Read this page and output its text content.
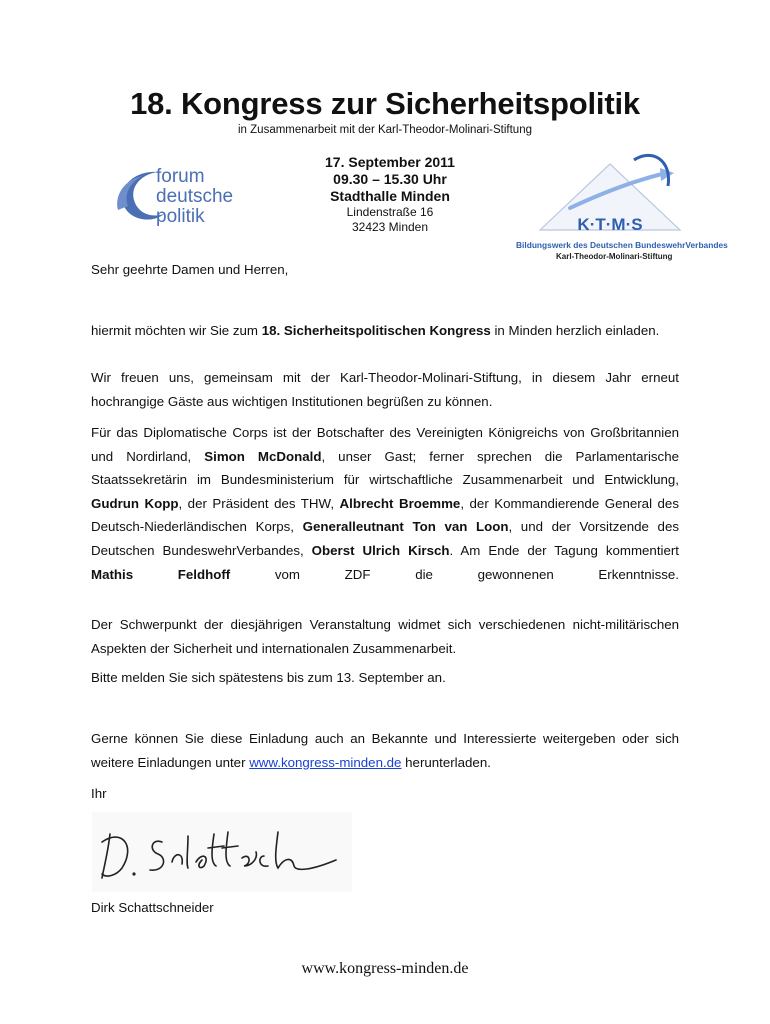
18. Kongress zur Sicherheitspolitik
in Zusammenarbeit mit der Karl-Theodor-Molinari-Stiftung
forum
deutsche
politik
17. September 2011
09.30 – 15.30 Uhr
Stadthalle Minden
Lindenstraße 16
32423 Minden	K·T·M·S
Bildungswerk des Deutschen BundeswehrVerbandes
Karl-Theodor-Molinari-Stiftung
Sehr geehrte Damen und Herren,
hiermit möchten wir Sie zum 18. Sicherheitspolitischen Kongress in Minden herzlich einladen.
Wir freuen uns, gemeinsam mit der Karl-Theodor-Molinari-Stiftung, in diesem Jahr erneut hochrangige Gäste aus wichtigen Institutionen begrüßen zu können.
Für das Diplomatische Corps ist der Botschafter des Vereinigten Königreichs von Großbritannien und Nordirland, Simon McDonald, unser Gast; ferner sprechen die Parlamentarische Staatssekretärin im Bundesministerium für wirtschaftliche Zusammenarbeit und Entwicklung, Gudrun Kopp, der Präsident des THW, Albrecht Broemme, der Kommandierende General des Deutsch-Niederländischen Korps, Generalleutnant Ton van Loon, und der Vorsitzende des Deutschen BundeswehrVerbandes, Oberst Ulrich Kirsch. Am Ende der Tagung kommentiert Mathis Feldhoff vom ZDF die gewonnenen Erkenntnisse.
Der Schwerpunkt der diesjährigen Veranstaltung widmet sich verschiedenen nicht-militärischen Aspekten der Sicherheit und internationalen Zusammenarbeit.
Bitte melden Sie sich spätestens bis zum 13. September an.
Gerne können Sie diese Einladung auch an Bekannte und Interessierte weitergeben oder sich weitere Einladungen unter www.kongress-minden.de herunterladen.
Ihr
Dirk Schattschneider
www.kongress-minden.de
